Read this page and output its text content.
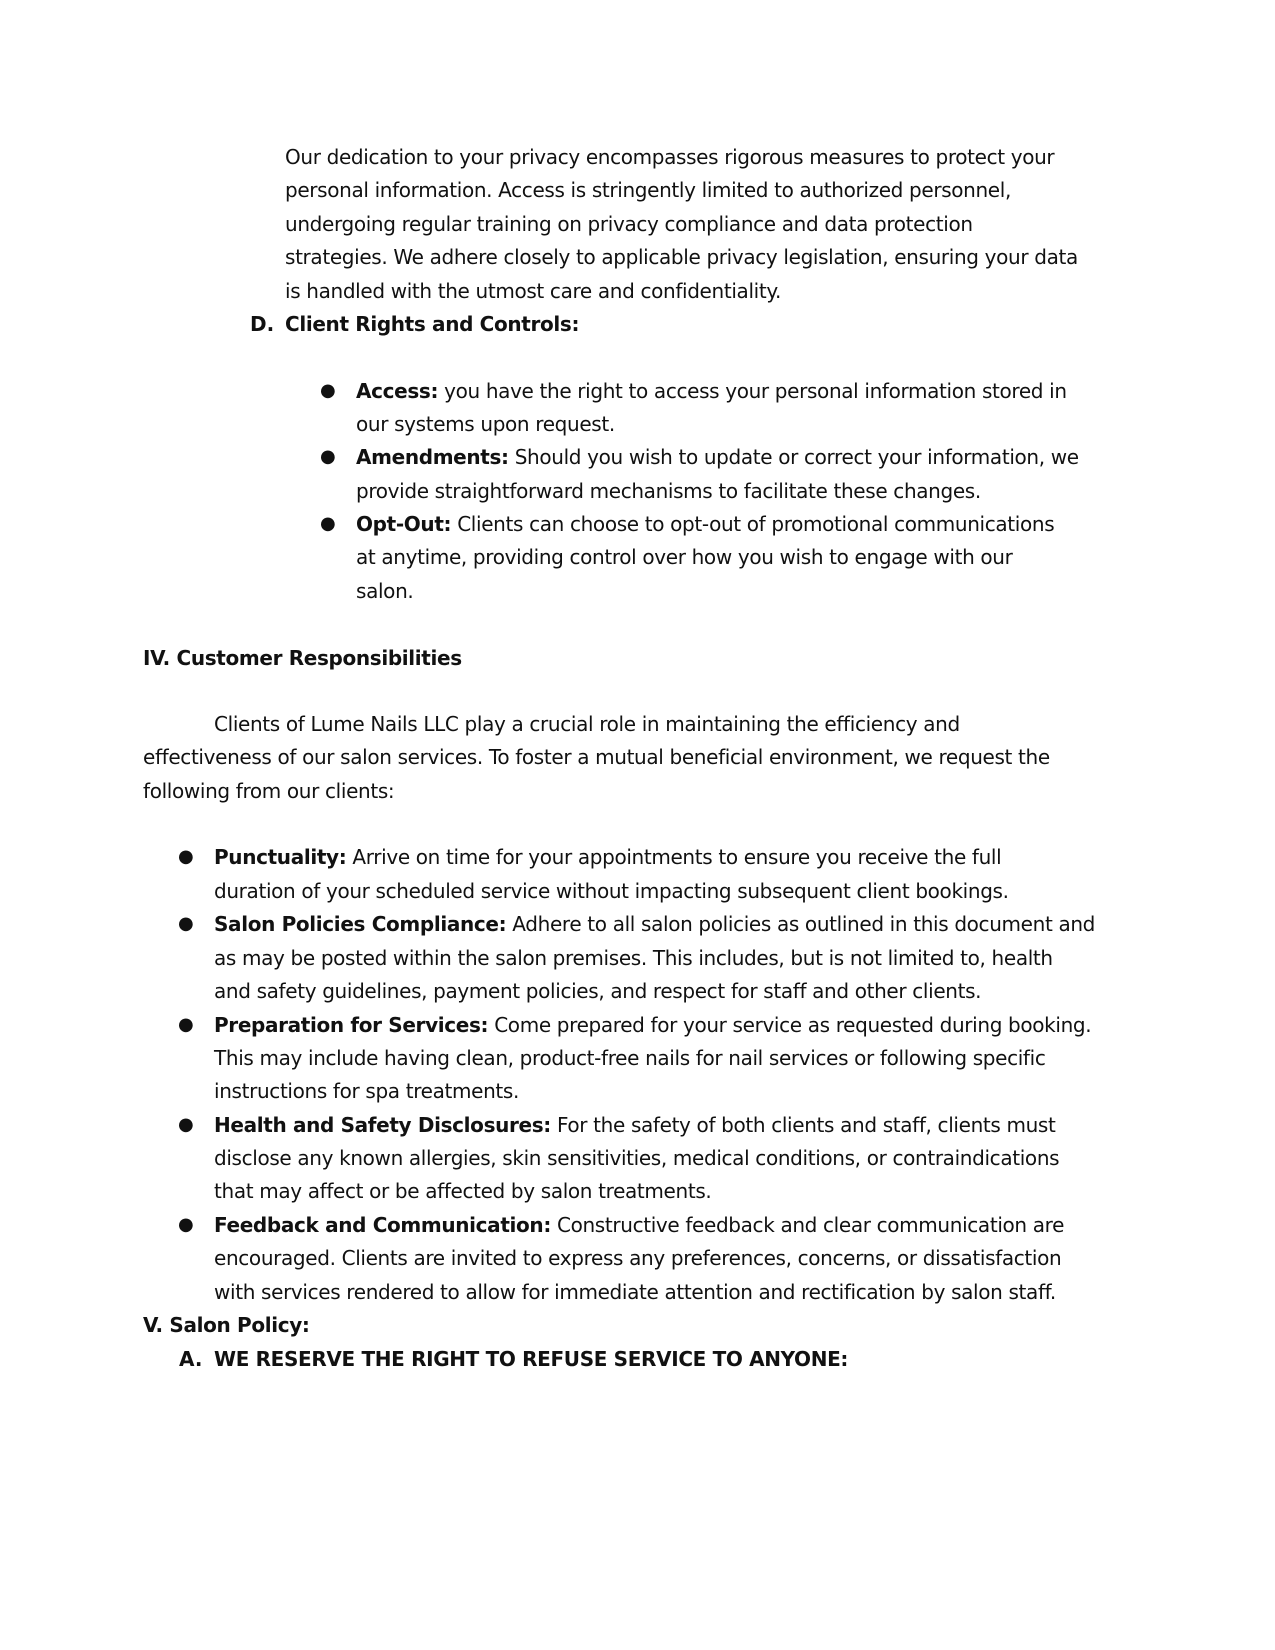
Our dedication to your privacy encompasses rigorous measures to protect your
personal information. Access is stringently limited to authorized personnel,
undergoing regular training on privacy compliance and data protection
strategies. We adhere closely to applicable privacy legislation, ensuring your data
is handled with the utmost care and confidentiality.
D. Client Rights and Controls:
● Access: you have the right to access your personal information stored in
our systems upon request.
● Amendments: Should you wish to update or correct your information, we
provide straightforward mechanisms to facilitate these changes.
● Opt-Out: Clients can choose to opt-out of promotional communications
at anytime, providing control over how you wish to engage with our
salon.
IV. Customer Responsibilities
Clients of Lume Nails LLC play a crucial role in maintaining the efficiency and
effectiveness of our salon services. To foster a mutual beneficial environment, we request the
following from our clients:
● Punctuality: Arrive on time for your appointments to ensure you receive the full
duration of your scheduled service without impacting subsequent client bookings.
● Salon Policies Compliance: Adhere to all salon policies as outlined in this document and
as may be posted within the salon premises. This includes, but is not limited to, health
and safety guidelines, payment policies, and respect for staff and other clients.
● Preparation for Services: Come prepared for your service as requested during booking.
This may include having clean, product-free nails for nail services or following specific
instructions for spa treatments.
● Health and Safety Disclosures: For the safety of both clients and staff, clients must
disclose any known allergies, skin sensitivities, medical conditions, or contraindications
that may affect or be affected by salon treatments.
● Feedback and Communication: Constructive feedback and clear communication are
encouraged. Clients are invited to express any preferences, concerns, or dissatisfaction
with services rendered to allow for immediate attention and rectification by salon staff.
V. Salon Policy:
A. WE RESERVE THE RIGHT TO REFUSE SERVICE TO ANYONE:
